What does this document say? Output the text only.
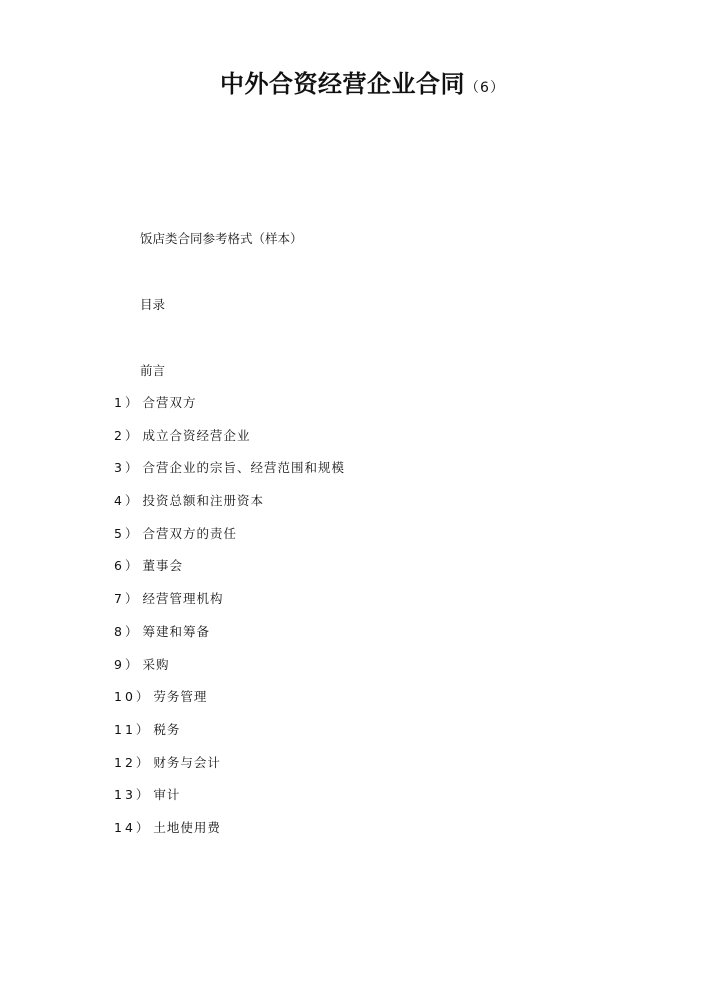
中外合资经营企业合同（6）
饭店类合同参考格式（样本）
目录
前言
1） 合营双方
2） 成立合资经营企业
3） 合营企业的宗旨、经营范围和规模
4） 投资总额和注册资本
5） 合营双方的责任
6） 董事会
7） 经营管理机构
8） 筹建和筹备
9） 采购
10） 劳务管理
11） 税务
12） 财务与会计
13） 审计
14） 土地使用费
